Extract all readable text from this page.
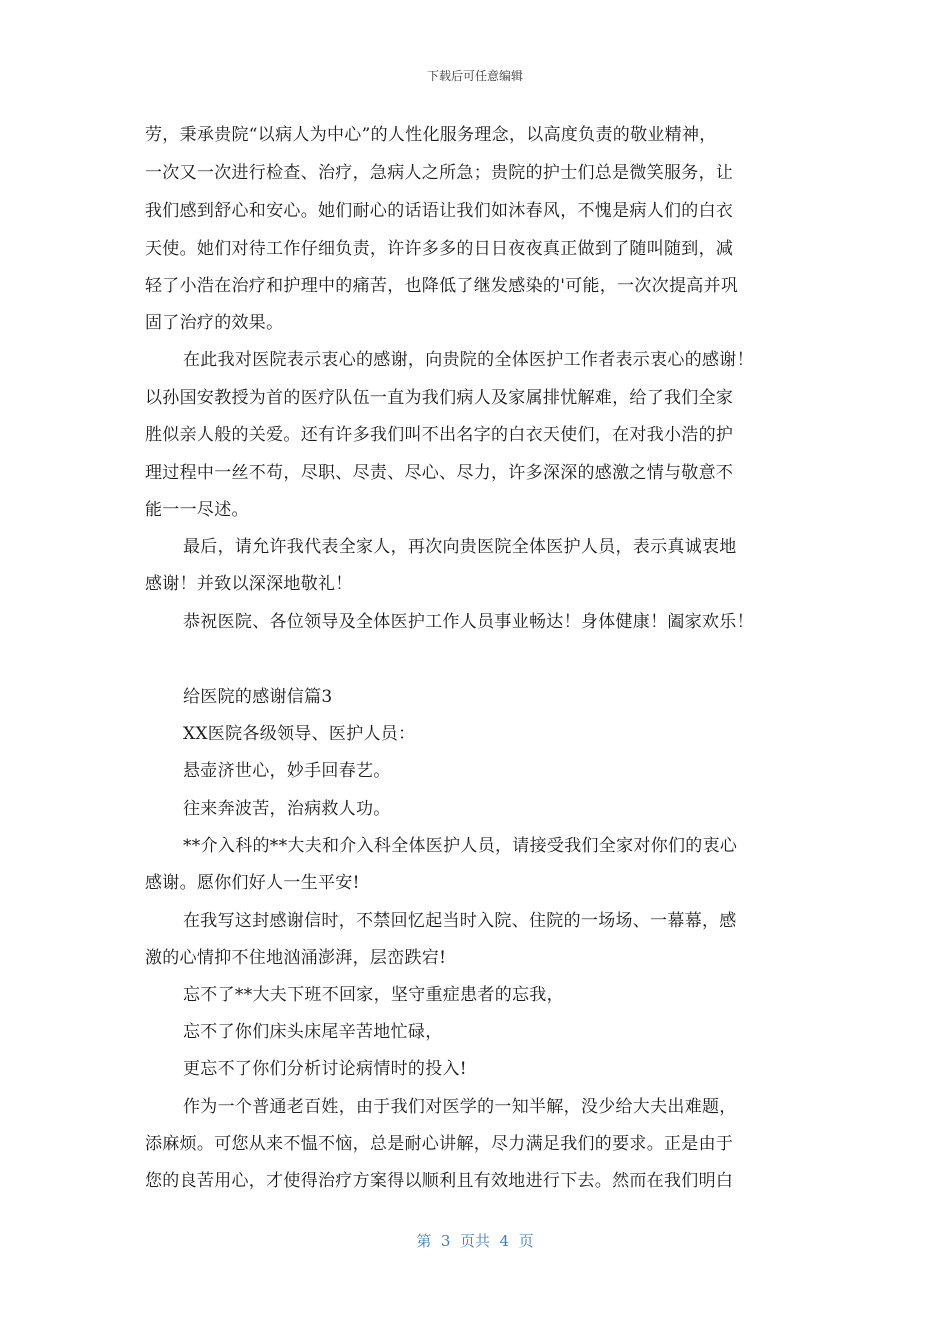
下载后可任意编辑
劳，秉承贵院“以病人为中心”的人性化服务理念，以高度负责的敬业精神，
一次又一次进行检查、治疗，急病人之所急；贵院的护士们总是微笑服务，让
我们感到舒心和安心。她们耐心的话语让我们如沐春风，不愧是病人们的白衣
天使。她们对待工作仔细负责，许许多多的日日夜夜真正做到了随叫随到，减
轻了小浩在治疗和护理中的痛苦，也降低了继发感染的'可能，一次次提高并巩
固了治疗的效果。
在此我对医院表示衷心的感谢，向贵院的全体医护工作者表示衷心的感谢！
以孙国安教授为首的医疗队伍一直为我们病人及家属排忧解难，给了我们全家
胜似亲人般的关爱。还有许多我们叫不出名字的白衣天使们，在对我小浩的护
理过程中一丝不苟，尽职、尽责、尽心、尽力，许多深深的感激之情与敬意不
能一一尽述。
最后，请允许我代表全家人，再次向贵医院全体医护人员，表示真诚衷地
感谢！并致以深深地敬礼！
恭祝医院、各位领导及全体医护工作人员事业畅达！身体健康！阖家欢乐！
给医院的感谢信篇3
XX医院各级领导、医护人员：
悬壶济世心，妙手回春艺。
往来奔波苦，治病救人功。
**介入科的**大夫和介入科全体医护人员，请接受我们全家对你们的衷心
感谢。愿你们好人一生平安!
在我写这封感谢信时，不禁回忆起当时入院、住院的一场场、一幕幕，感
激的心情抑不住地汹涌澎湃，层峦跌宕!
忘不了**大夫下班不回家，坚守重症患者的忘我，
忘不了你们床头床尾辛苦地忙碌，
更忘不了你们分析讨论病情时的投入!
作为一个普通老百姓，由于我们对医学的一知半解，没少给大夫出难题，
添麻烦。可您从来不愠不恼，总是耐心讲解，尽力满足我们的要求。正是由于
您的良苦用心，才使得治疗方案得以顺利且有效地进行下去。然而在我们明白
第  3  页共  4  页
